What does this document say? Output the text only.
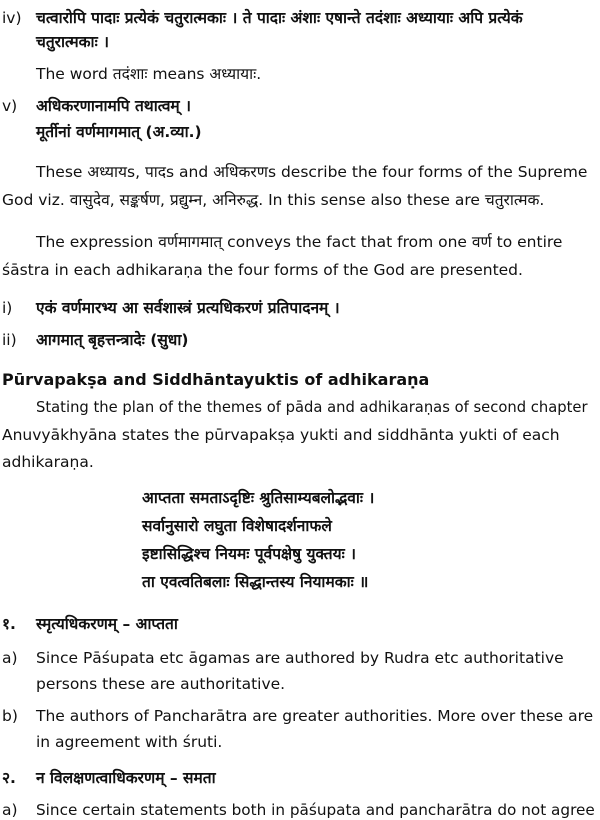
iv) चत्वारोपि पादाः प्रत्येकं चतुरात्मकाः । ते पादाः अंशाः एषान्ते तदंशाः अध्यायाः अपि प्रत्येकं
चतुरात्मकाः ।
The word तदंशाः means अध्यायाः.
v) अधिकरणानामपि तथात्वम् ।
मूर्तीनां वर्णमागमात् (अ.व्या.)
These अध्यायs, पादs and अधिकरणs describe the four forms of the Supreme
God viz. वासुदेव, सङ्कर्षण, प्रद्युम्न, अनिरुद्ध. In this sense also these are चतुरात्मक.
The expression वर्णमागमात् conveys the fact that from one वर्ण to entire
śāstra in each adhikaraṇa the four forms of the God are presented.
i) एकं वर्णमारभ्य आ सर्वशास्त्रं प्रत्यधिकरणं प्रतिपादनम् ।
ii) आगमात् बृहत्तन्त्रादेः (सुधा)
Pūrvapakṣa and Siddhāntayuktis of adhikaraṇa
Stating the plan of the themes of pāda and adhikaraṇas of second chapter
Anuvyākhyāna states the pūrvapakṣa yukti and siddhānta yukti of each
adhikaraṇa.
आप्तता समताऽदृष्टिः श्रुतिसाम्यबलोद्भवाः ।
सर्वानुसारो लघुता विशेषादर्शनाफले
इष्टासिद्धिश्च नियमः पूर्वपक्षेषु युक्तयः ।
ता एवत्वतिबलाः सिद्धान्तस्य नियामकाः ॥
१. स्मृत्यधिकरणम् – आप्तता
a) Since Pāśupata etc āgamas are authored by Rudra etc authoritative
persons these are authoritative.
b) The authors of Pancharātra are greater authorities. More over these are
in agreement with śruti.
२. न विलक्षणत्वाधिकरणम् – समता
a) Since certain statements both in pāśupata and pancharātra do not agree
